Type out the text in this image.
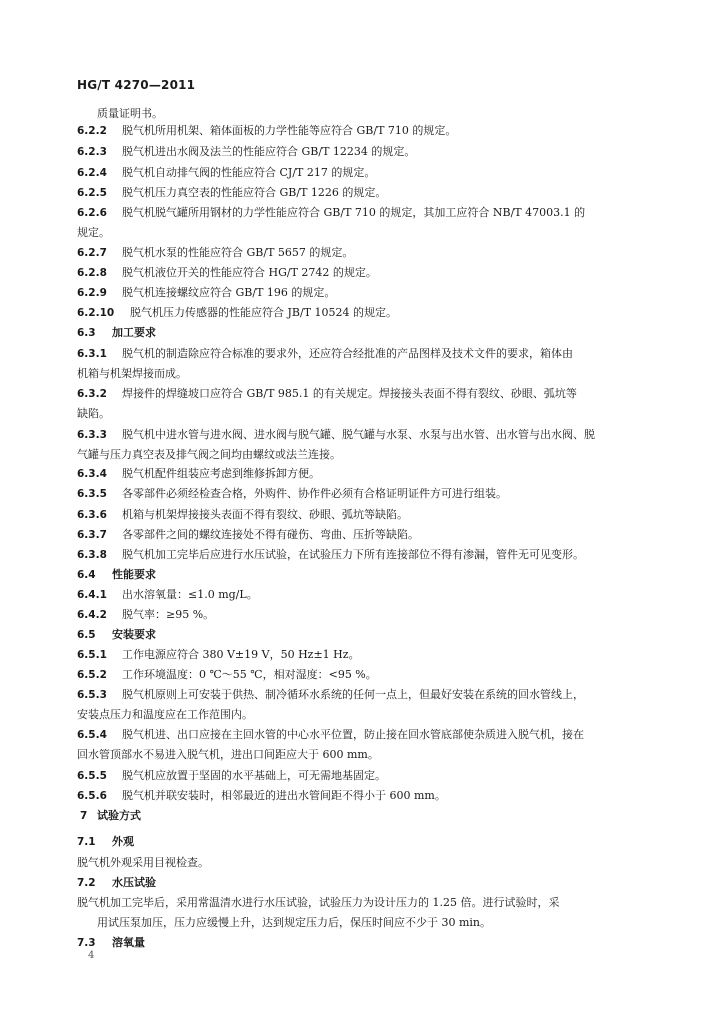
HG/T 4270—2011
质量证明书。
6.2.2 脱气机所用机架、箱体面板的力学性能等应符合 GB/T 710 的规定。
6.2.3 脱气机进出水阀及法兰的性能应符合 GB/T 12234 的规定。
6.2.4 脱气机自动排气阀的性能应符合 CJ/T 217 的规定。
6.2.5 脱气机压力真空表的性能应符合 GB/T 1226 的规定。
6.2.6 脱气机脱气罐所用钢材的力学性能应符合 GB/T 710 的规定，其加工应符合 NB/T 47003.1 的
规定。
6.2.7 脱气机水泵的性能应符合 GB/T 5657 的规定。
6.2.8 脱气机液位开关的性能应符合 HG/T 2742 的规定。
6.2.9 脱气机连接螺纹应符合 GB/T 196 的规定。
6.2.10 脱气机压力传感器的性能应符合 JB/T 10524 的规定。
6.3 加工要求
6.3.1 脱气机的制造除应符合标准的要求外，还应符合经批准的产品图样及技术文件的要求，箱体由
机箱与机架焊接而成。
6.3.2 焊接件的焊缝坡口应符合 GB/T 985.1 的有关规定。焊接接头表面不得有裂纹、砂眼、弧坑等
缺陷。
6.3.3 脱气机中进水管与进水阀、进水阀与脱气罐、脱气罐与水泵、水泵与出水管、出水管与出水阀、脱
气罐与压力真空表及排气阀之间均由螺纹或法兰连接。
6.3.4 脱气机配件组装应考虑到维修拆卸方便。
6.3.5 各零部件必须经检查合格，外购件、协作件必须有合格证明证件方可进行组装。
6.3.6 机箱与机架焊接接头表面不得有裂纹、砂眼、弧坑等缺陷。
6.3.7 各零部件之间的螺纹连接处不得有碰伤、弯曲、压折等缺陷。
6.3.8 脱气机加工完毕后应进行水压试验，在试验压力下所有连接部位不得有渗漏，管件无可见变形。
6.4 性能要求
6.4.1 出水溶氧量：≤1.0 mg/L。
6.4.2 脱气率：≥95 %。
6.5 安装要求
6.5.1 工作电源应符合 380 V±19 V，50 Hz±1 Hz。
6.5.2 工作环境温度：0 ℃～55 ℃，相对湿度：<95 %。
6.5.3 脱气机原则上可安装于供热、制冷循环水系统的任何一点上，但最好安装在系统的回水管线上，
安装点压力和温度应在工作范围内。
6.5.4 脱气机进、出口应接在主回水管的中心水平位置，防止接在回水管底部使杂质进入脱气机，接在
回水管顶部水不易进入脱气机，进出口间距应大于 600 mm。
6.5.5 脱气机应放置于坚固的水平基础上，可无需地基固定。
6.5.6 脱气机并联安装时，相邻最近的进出水管间距不得小于 600 mm。
7 试验方式
7.1 外观
脱气机外观采用目视检查。
7.2 水压试验
脱气机加工完毕后，采用常温清水进行水压试验，试验压力为设计压力的 1.25 倍。进行试验时，采
用试压泵加压，压力应缓慢上升，达到规定压力后，保压时间应不少于 30 min。
7.3 溶氧量
4
